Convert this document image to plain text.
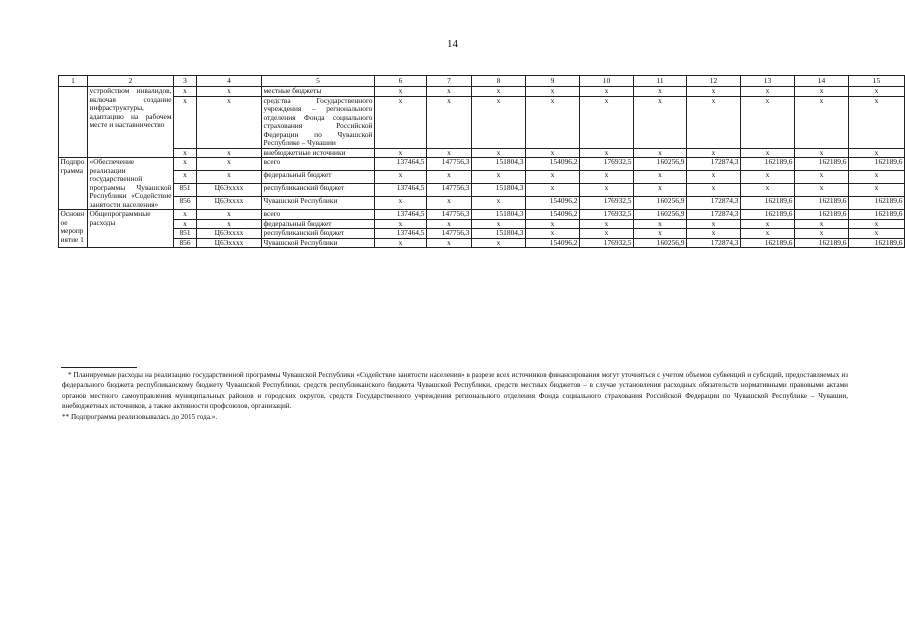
14
1	2	3	4	5	6	7	8	9	10	11	12	13	14	15
	устройством инвалидов, включая создание инфраструктуры, адаптацию на рабочем месте и наставничество	x	x	местные бюджеты	x	x	x	x	x	x	x	x	x	x
		x	x	средства Государственного учреждения – регионального отделения Фонда социального страхования Российской Федерации по Чувашской Республике – Чувашии	x	x	x	x	x	x	x	x	x	x
		x	x	внебюджетные источники	x	x	x	x	x	x	x	x	x	x
Подпрограмма	«Обеспечение реализации государственной программы Чувашской Республики «Содействие занятости населения»	x	x	всего	137464,5	147756,3	151804,3	154096,2	176932,5	160256,9	172874,3	162189,6	162189,6	162189,6
		x	x	федеральный бюджет	x	x	x	x	x	x	x	x	x	x
		851	Ц6Эхххх	республиканский бюджет	137464,5	147756,3	151804,3	x	x	x	x	x	x	x
		856	Ц6Эхххх	Чувашской Республики	x	x	x	154096,2	176932,5	160256,9	172874,3	162189,6	162189,6	162189,6
Основное мероприятие 1	Общепрограммные расходы	x	x	всего	137464,5	147756,3	151804,3	154096,2	176932,5	160256,9	172874,3	162189,6	162189,6	162189,6
		x	x	федеральный бюджет	x	x	x	x	x	x	x	x	x	x
		851	Ц6Эхххх	республиканский бюджет	137464,5	147756,3	151804,3	x	x	x	x	x	x	x
		856	Ц6Эхххх	Чувашской Республики	x	x	x	154096,2	176932,5	160256,9	172874,3	162189,6	162189,6	162189,6

* Планируемые расходы на реализацию государственной программы Чувашской Республики «Содействие занятости населения» в разрезе всех источников финансирования могут уточняться с учетом объемов субвенций и субсидий, предоставляемых из федерального бюджета республиканскому бюджету Чувашской Республики, средств республиканского бюджета Чувашской Республики, средств местных бюджетов – в случае установления расходных обязательств нормативными правовыми актами органов местного самоуправления муниципальных районов и городских округов, средств Государственного учреждения регионального отделения Фонда социального страхования Российской Федерации по Чувашской Республике – Чувашии, внебюджетных источников, а также активности профсоюзов, организаций.

** Подпрограмма реализовывалась до 2015 года.».
